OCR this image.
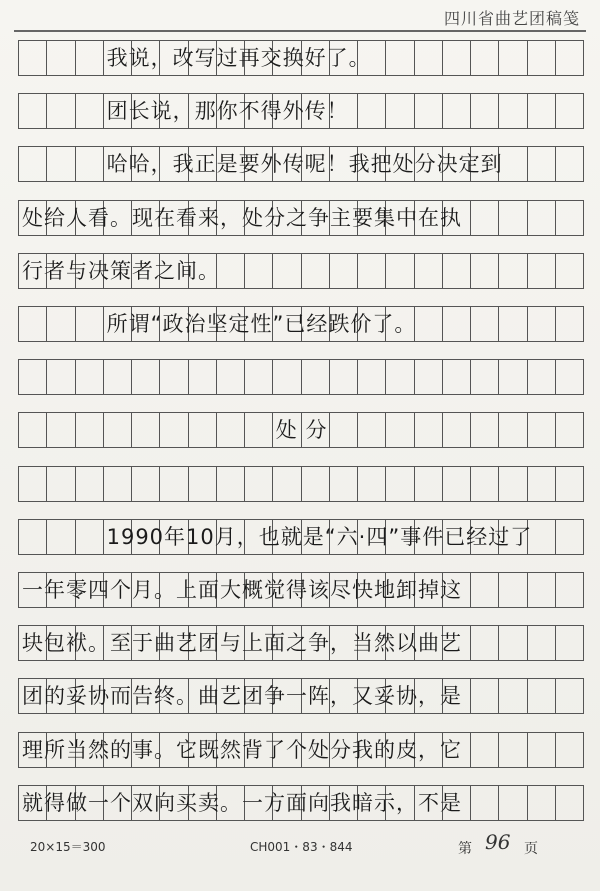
四川省曲艺团稿笺
我说，改写过再交换好了。
团长说，那你不得外传！
哈哈，我正是要外传呢！我把处分决定到
处给人看。现在看来，处分之争主要集中在执
行者与决策者之间。
所谓“政治坚定性”已经跌价了。
处 分
1990年10月，也就是“六·四”事件已经过了
一年零四个月。上面大概觉得该尽快地卸掉这
块包袱。至于曲艺团与上面之争，当然以曲艺
团的妥协而告终。曲艺团争一阵，又妥协，是
理所当然的事。它既然背了个处分我的皮，它
就得做一个双向买卖。一方面向我暗示，不是
20×15＝300	CH001・83・844	第 96 页
